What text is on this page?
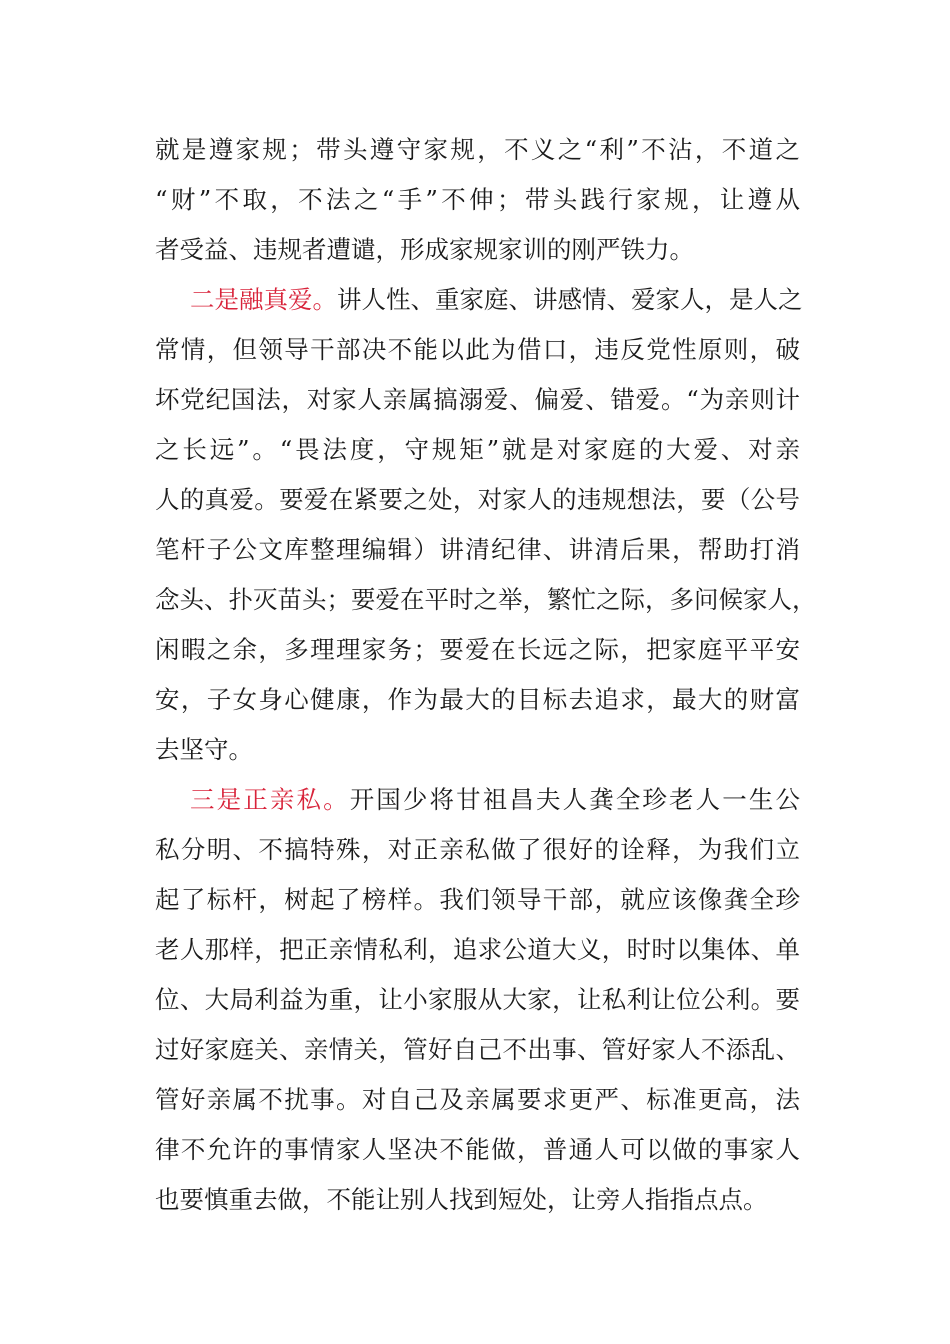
就是遵家规；带头遵守家规，不义之“利”不沾，不道之
“财”不取，不法之“手”不伸；带头践行家规，让遵从
者受益、违规者遭谴，形成家规家训的刚严铁力。
二是融真爱。讲人性、重家庭、讲感情、爱家人，是人之
常情，但领导干部决不能以此为借口，违反党性原则，破
坏党纪国法，对家人亲属搞溺爱、偏爱、错爱。“为亲则计
之长远”。“畏法度，守规矩”就是对家庭的大爱、对亲
人的真爱。要爱在紧要之处，对家人的违规想法，要（公号
笔杆子公文库整理编辑）讲清纪律、讲清后果，帮助打消
念头、扑灭苗头；要爱在平时之举，繁忙之际，多问候家人，
闲暇之余，多理理家务；要爱在长远之际，把家庭平平安
安，子女身心健康，作为最大的目标去追求，最大的财富
去坚守。
三是正亲私。开国少将甘祖昌夫人龚全珍老人一生公
私分明、不搞特殊，对正亲私做了很好的诠释，为我们立
起了标杆，树起了榜样。我们领导干部，就应该像龚全珍
老人那样，把正亲情私利，追求公道大义，时时以集体、单
位、大局利益为重，让小家服从大家，让私利让位公利。要
过好家庭关、亲情关，管好自己不出事、管好家人不添乱、
管好亲属不扰事。对自己及亲属要求更严、标准更高，法
律不允许的事情家人坚决不能做，普通人可以做的事家人
也要慎重去做，不能让别人找到短处，让旁人指指点点。
